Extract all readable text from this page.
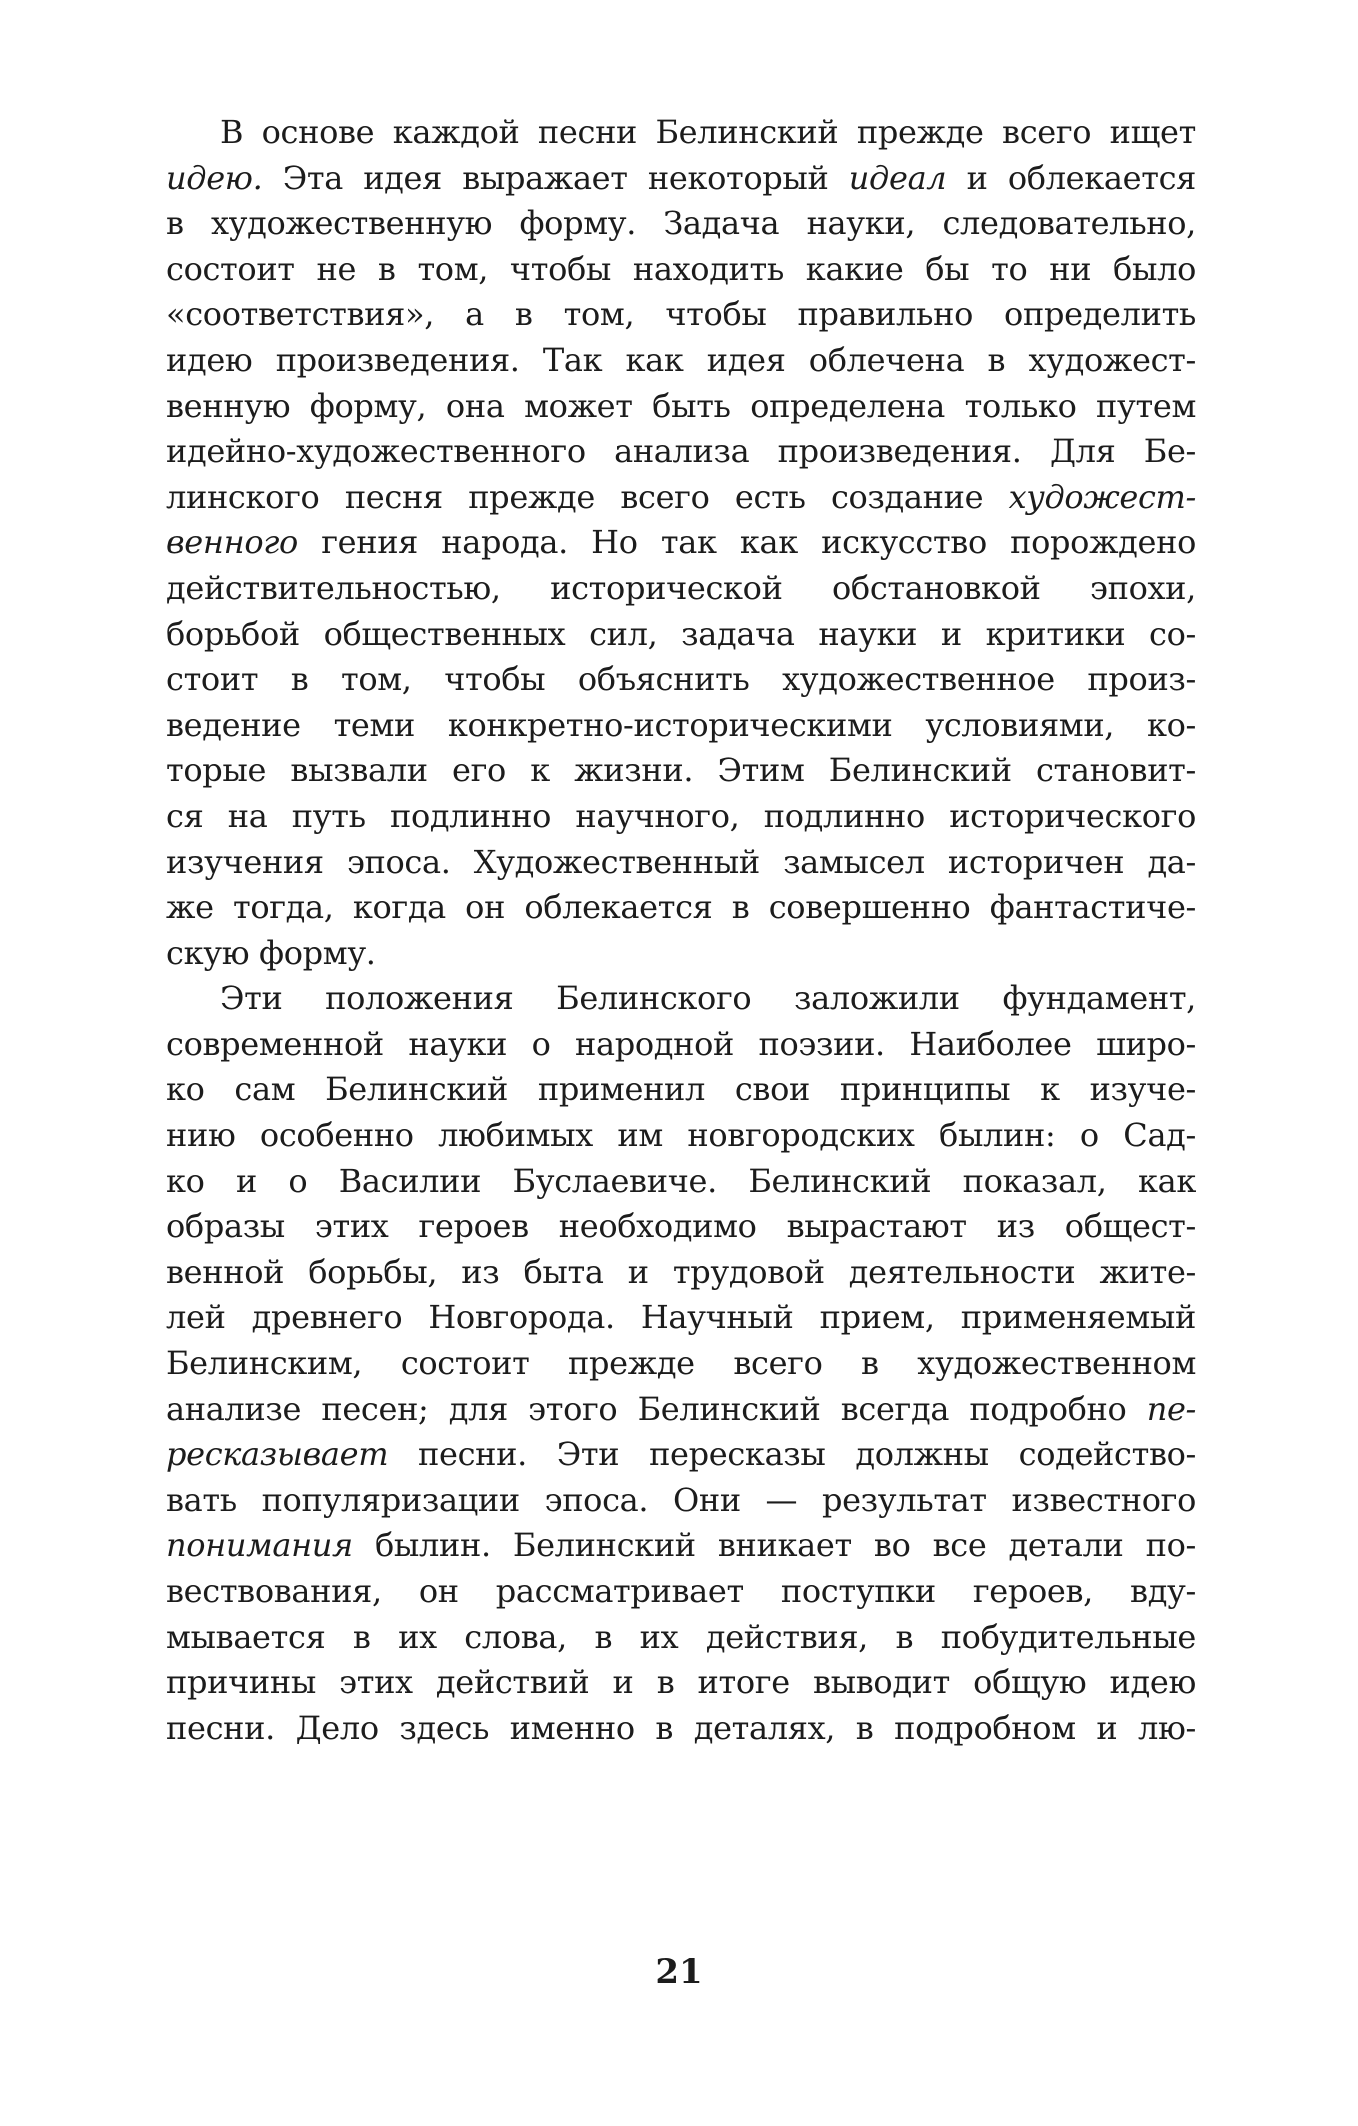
В основе каждой песни Белинский прежде всего ищет
идею. Эта идея выражает некоторый идеал и облекается
в художественную форму. Задача науки, следовательно,
состоит не в том, чтобы находить какие бы то ни было
«соответствия», а в том, чтобы правильно определить
идею произведения. Так как идея облечена в художест-
венную форму, она может быть определена только путем
идейно-художественного анализа произведения. Для Бе-
линского песня прежде всего есть создание художест-
венного гения народа. Но так как искусство порождено
действительностью, исторической обстановкой эпохи,
борьбой общественных сил, задача науки и критики со-
стоит в том, чтобы объяснить художественное произ-
ведение теми конкретно-историческими условиями, ко-
торые вызвали его к жизни. Этим Белинский становит-
ся на путь подлинно научного, подлинно исторического
изучения эпоса. Художественный замысел историчен да-
же тогда, когда он облекается в совершенно фантастиче-
скую форму.
Эти положения Белинского заложили фундамент,
современной науки о народной поэзии. Наиболее широ-
ко сам Белинский применил свои принципы к изуче-
нию особенно любимых им новгородских былин: о Сад-
ко и о Василии Буслаевиче. Белинский показал, как
образы этих героев необходимо вырастают из общест-
венной борьбы, из быта и трудовой деятельности жите-
лей древнего Новгорода. Научный прием, применяемый
Белинским, состоит прежде всего в художественном
анализе песен; для этого Белинский всегда подробно пе-
ресказывает песни. Эти пересказы должны содейство-
вать популяризации эпоса. Они — результат известного
понимания былин. Белинский вникает во все детали по-
вествования, он рассматривает поступки героев, вду-
мывается в их слова, в их действия, в побудительные
причины этих действий и в итоге выводит общую идею
песни. Дело здесь именно в деталях, в подробном и лю-
21
